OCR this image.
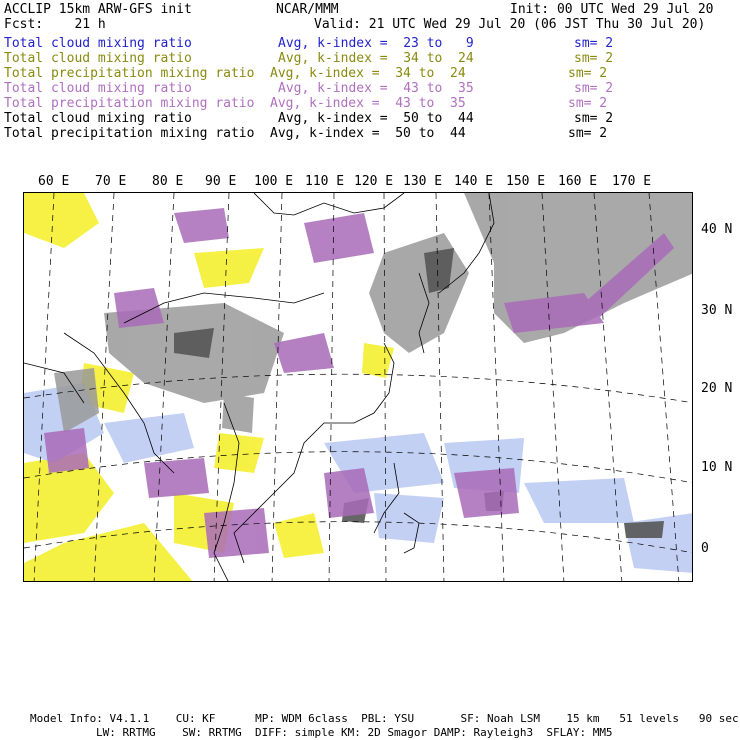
ACCLIP 15km ARW-GFS init	NCAR/MMM	Init: 00 UTC Wed 29 Jul 20
Fcst:    21 h	Valid: 21 UTC Wed 29 Jul 20 (06 JST Thu 30 Jul 20)
Total cloud mixing ratio	Avg, k-index =  23 to   9	sm= 2
Total cloud mixing ratio	Avg, k-index =  34 to  24	sm= 2
Total precipitation mixing ratio Avg, k-index =  34 to  24	sm= 2
Total cloud mixing ratio	Avg, k-index =  43 to  35	sm= 2
Total precipitation mixing ratio Avg, k-index =  43 to  35	sm= 2
Total cloud mixing ratio	Avg, k-index =  50 to  44	sm= 2
Total precipitation mixing ratio Avg, k-index =  50 to  44	sm= 2
60 E 70 E 80 E 90 E 100 E 110 E 120 E 130 E 140 E 150 E 160 E 170 E
40 N
30 N
20 N
10 N
0
Model Info: V4.1.1    CU: KF      MP: WDM 6class  PBL: YSU       SF: Noah LSM    15 km   51 levels   90 sec
LW: RRTMG    SW: RRTMG  DIFF: simple KM: 2D Smagor DAMP: Rayleigh3  SFLAY: MM5
